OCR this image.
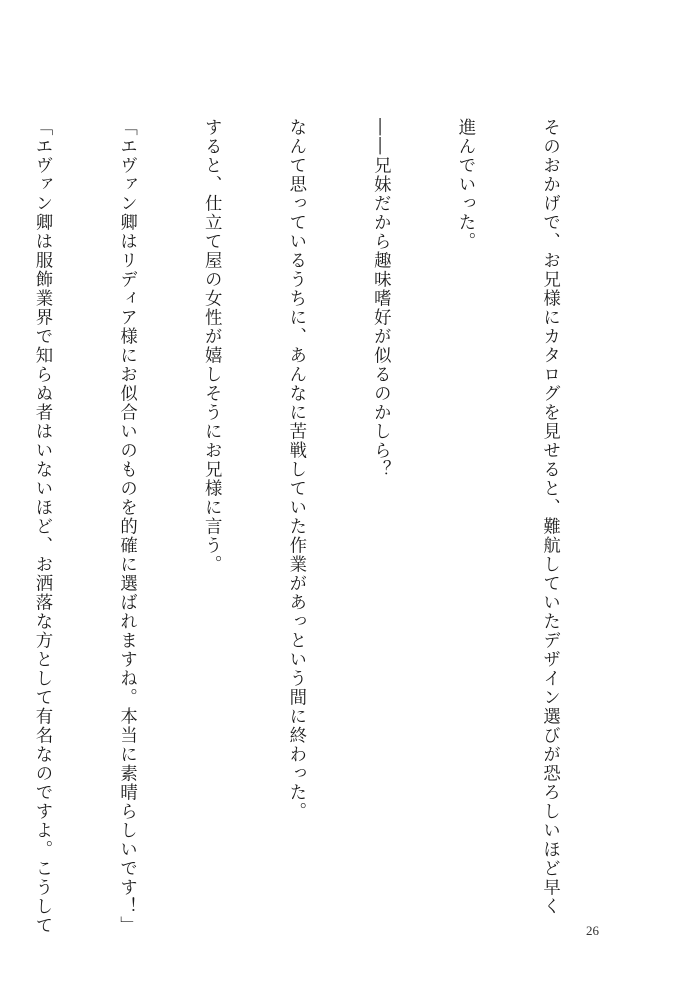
そのおかげで、お兄様にカタログを見せると、難航していたデザイン選びが恐ろしいほど早く

進んでいった。

――兄妹だから趣味嗜好が似るのかしら？

なんて思っているうちに、あんなに苦戦していた作業があっという間に終わった。

すると、仕立て屋の女性が嬉しそうにお兄様に言う。

「エヴァン卿はリディア様にお似合いのものを的確に選ばれますね。本当に素晴らしいです！」

「エヴァン卿は服飾業界で知らぬ者はいないほど、お洒落な方として有名なのですよ。こうして

	26
